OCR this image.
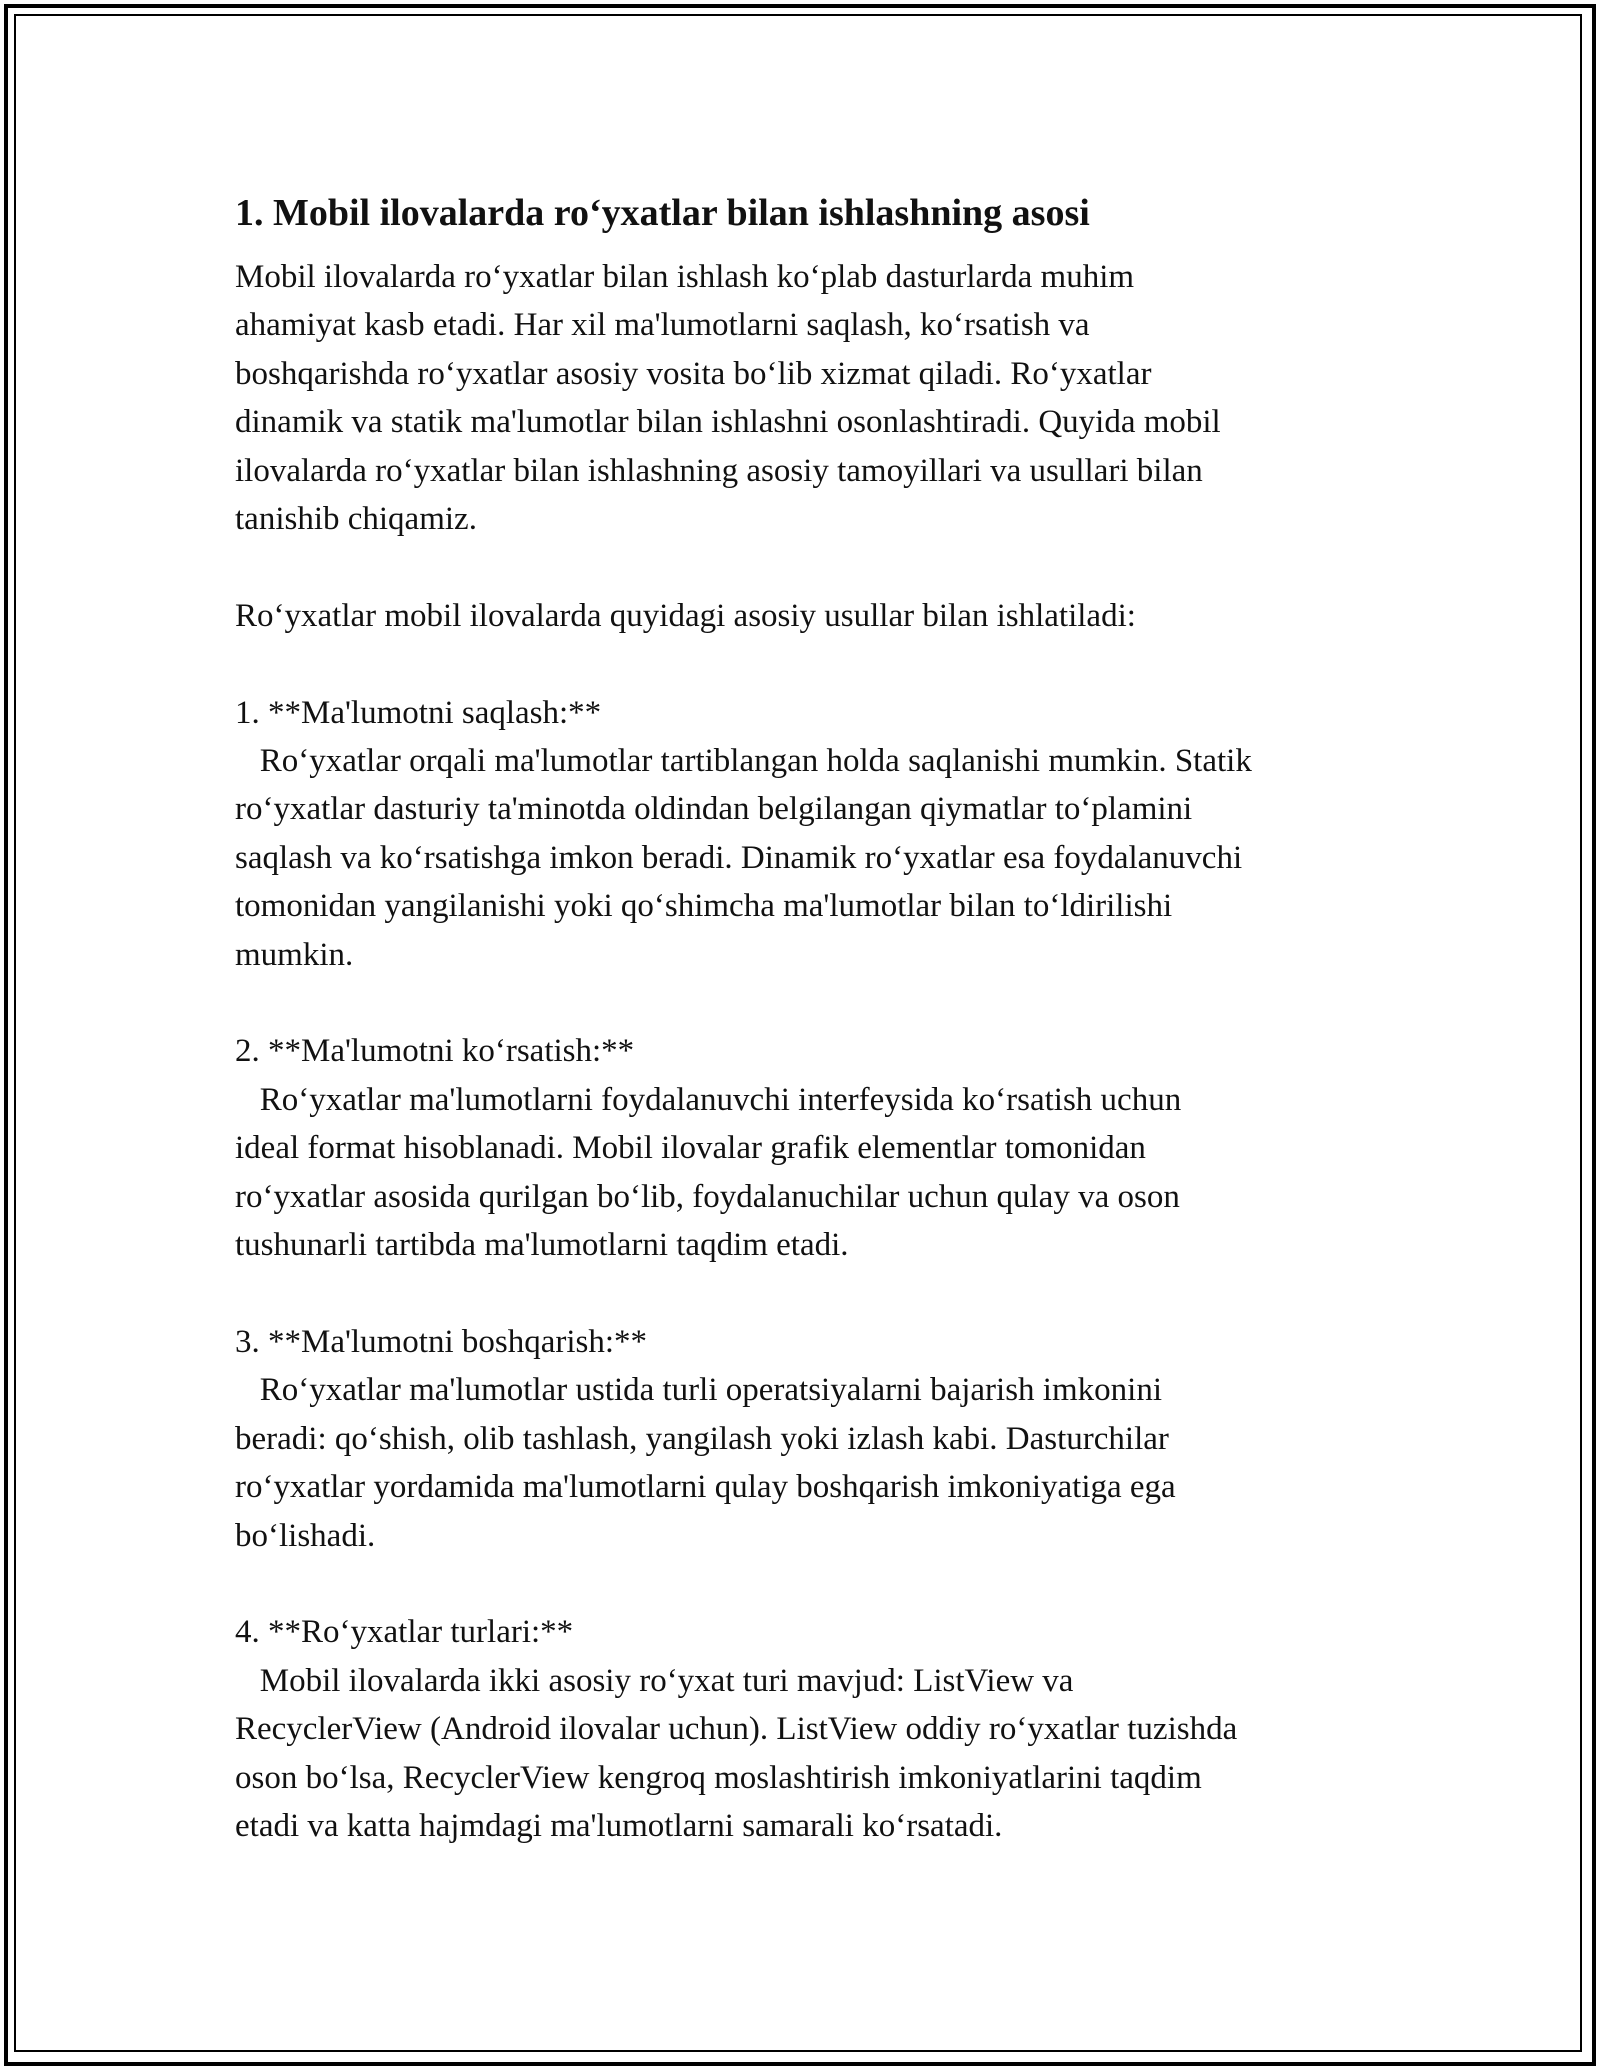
1. Mobil ilovalarda ro‘yxatlar bilan ishlashning asosi

Mobil ilovalarda ro‘yxatlar bilan ishlash ko‘plab dasturlarda muhim

ahamiyat kasb etadi. Har xil ma'lumotlarni saqlash, ko‘rsatish va

boshqarishda ro‘yxatlar asosiy vosita bo‘lib xizmat qiladi. Ro‘yxatlar

dinamik va statik ma'lumotlar bilan ishlashni osonlashtiradi. Quyida mobil

ilovalarda ro‘yxatlar bilan ishlashning asosiy tamoyillari va usullari bilan

tanishib chiqamiz.

Ro‘yxatlar mobil ilovalarda quyidagi asosiy usullar bilan ishlatiladi:

1. **Ma'lumotni saqlash:**

Ro‘yxatlar orqali ma'lumotlar tartiblangan holda saqlanishi mumkin. Statik

ro‘yxatlar dasturiy ta'minotda oldindan belgilangan qiymatlar to‘plamini

saqlash va ko‘rsatishga imkon beradi. Dinamik ro‘yxatlar esa foydalanuvchi

tomonidan yangilanishi yoki qo‘shimcha ma'lumotlar bilan to‘ldirilishi

mumkin.

2. **Ma'lumotni ko‘rsatish:**

Ro‘yxatlar ma'lumotlarni foydalanuvchi interfeysida ko‘rsatish uchun

ideal format hisoblanadi. Mobil ilovalar grafik elementlar tomonidan

ro‘yxatlar asosida qurilgan bo‘lib, foydalanuchilar uchun qulay va oson

tushunarli tartibda ma'lumotlarni taqdim etadi.

3. **Ma'lumotni boshqarish:**

Ro‘yxatlar ma'lumotlar ustida turli operatsiyalarni bajarish imkonini

beradi: qo‘shish, olib tashlash, yangilash yoki izlash kabi. Dasturchilar

ro‘yxatlar yordamida ma'lumotlarni qulay boshqarish imkoniyatiga ega

bo‘lishadi.

4. **Ro‘yxatlar turlari:**

Mobil ilovalarda ikki asosiy ro‘yxat turi mavjud: ListView va

RecyclerView (Android ilovalar uchun). ListView oddiy ro‘yxatlar tuzishda

oson bo‘lsa, RecyclerView kengroq moslashtirish imkoniyatlarini taqdim

etadi va katta hajmdagi ma'lumotlarni samarali ko‘rsatadi.
